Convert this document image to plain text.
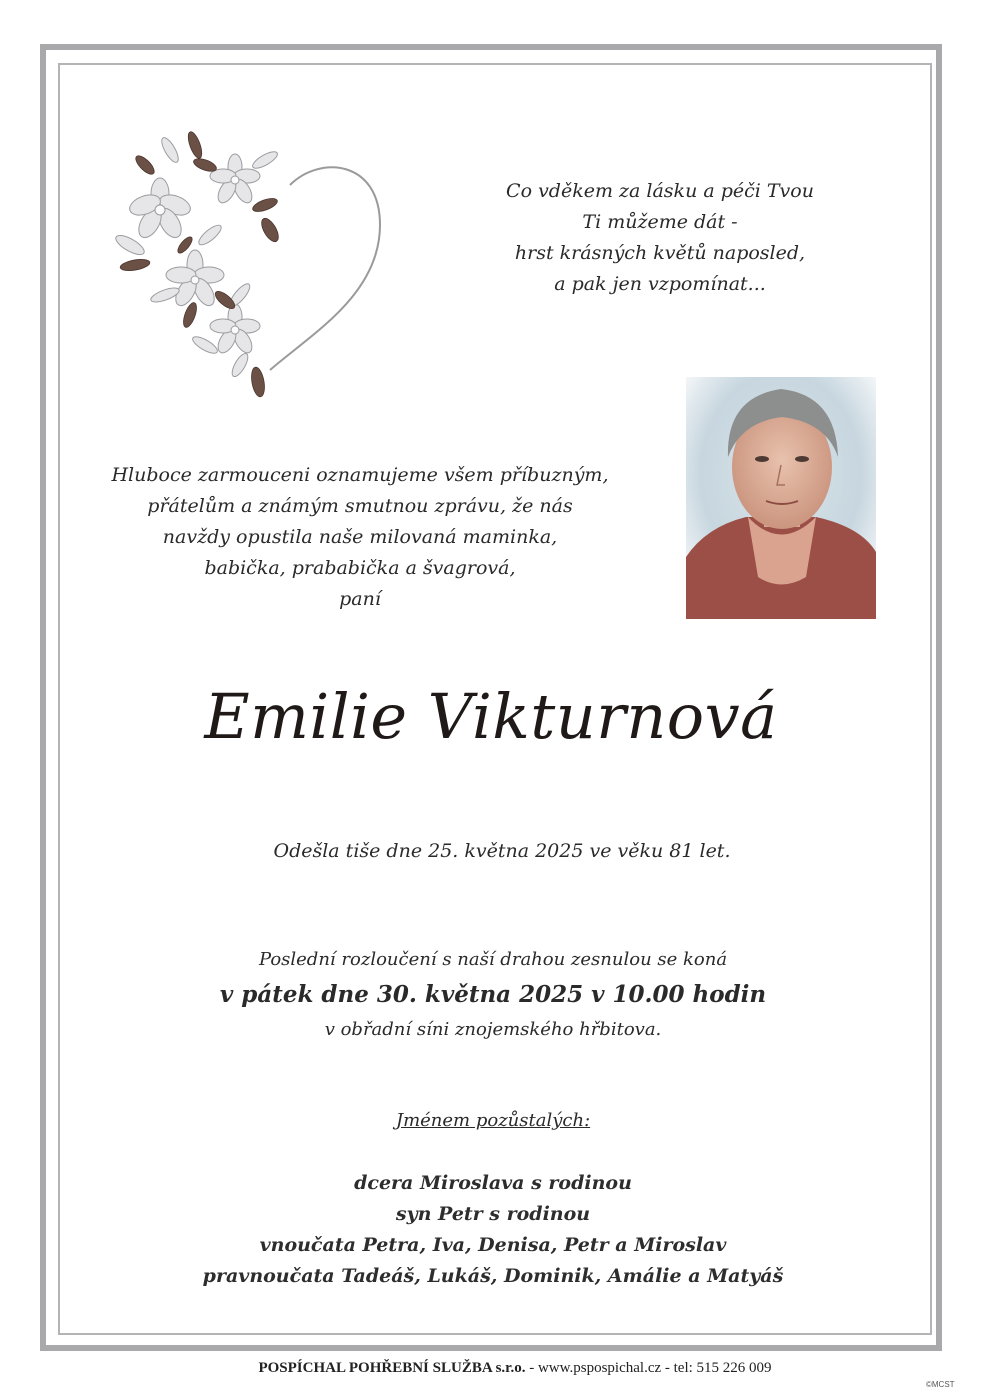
Co vděkem za lásku a péči Tvou
Ti můžeme dát -
hrst krásných květů naposled,
a pak jen vzpomínat...
Hluboce zarmouceni oznamujeme všem příbuzným,
přátelům a známým smutnou zprávu, že nás
navždy opustila naše milovaná maminka,
babička, prababička a švagrová,
paní
Emilie Vikturnová
Odešla tiše dne 25. května 2025 ve věku 81 let.
Poslední rozloučení s naší drahou zesnulou se koná
v pátek dne 30. května 2025 v 10.00 hodin
v obřadní síni znojemského hřbitova.
Jménem pozůstalých:
dcera Miroslava s rodinou
syn Petr s rodinou
vnoučata Petra, Iva, Denisa, Petr a Miroslav
pravnoučata Tadeáš, Lukáš, Dominik, Amálie a Matyáš
POSPÍCHAL POHŘEBNÍ SLUŽBA s.r.o. - www.pspospichal.cz - tel: 515 226 009
©MCST
